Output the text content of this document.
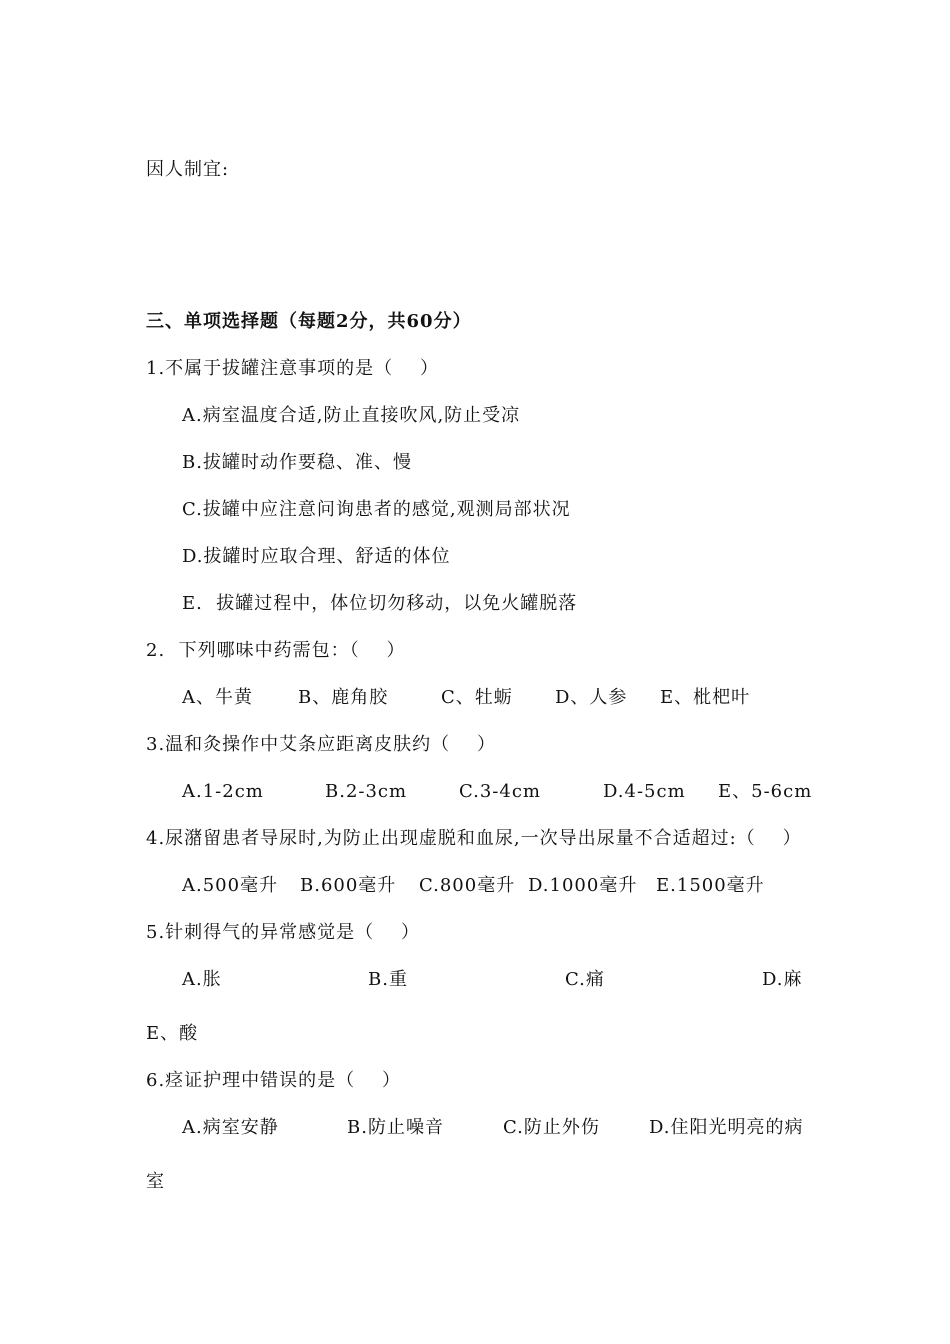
因人制宜:
三、单项选择题（每题2分，共60分）
1.不属于拔罐注意事项的是（    ）
A.病室温度合适,防止直接吹风,防止受凉
B.拔罐时动作要稳、准、慢
C.拔罐中应注意问询患者的感觉,观测局部状况
D.拔罐时应取合理、舒适的体位
E.  拔罐过程中，体位切勿移动，以免火罐脱落
2.  下列哪味中药需包：（    ）
A、牛黄	B、鹿角胶	C、牡蛎 D、人参 E、枇杷叶
3.温和灸操作中艾条应距离皮肤约（    ）
A.1-2cm	B.2-3cm	C.3-4cm	D.4-5cm E、5-6cm
4.尿潴留患者导尿时,为防止出现虚脱和血尿,一次导出尿量不合适超过:（    ）
A.500毫升 B.600毫升 C.800毫升 D.1000毫升 E.1500毫升
5.针刺得气的异常感觉是（    ）
A.胀	B.重	C.痛	D.麻
E、酸
6.痉证护理中错误的是（    ）
A.病室安静	B.防止噪音	C.防止外伤	D.住阳光明亮的病
室
